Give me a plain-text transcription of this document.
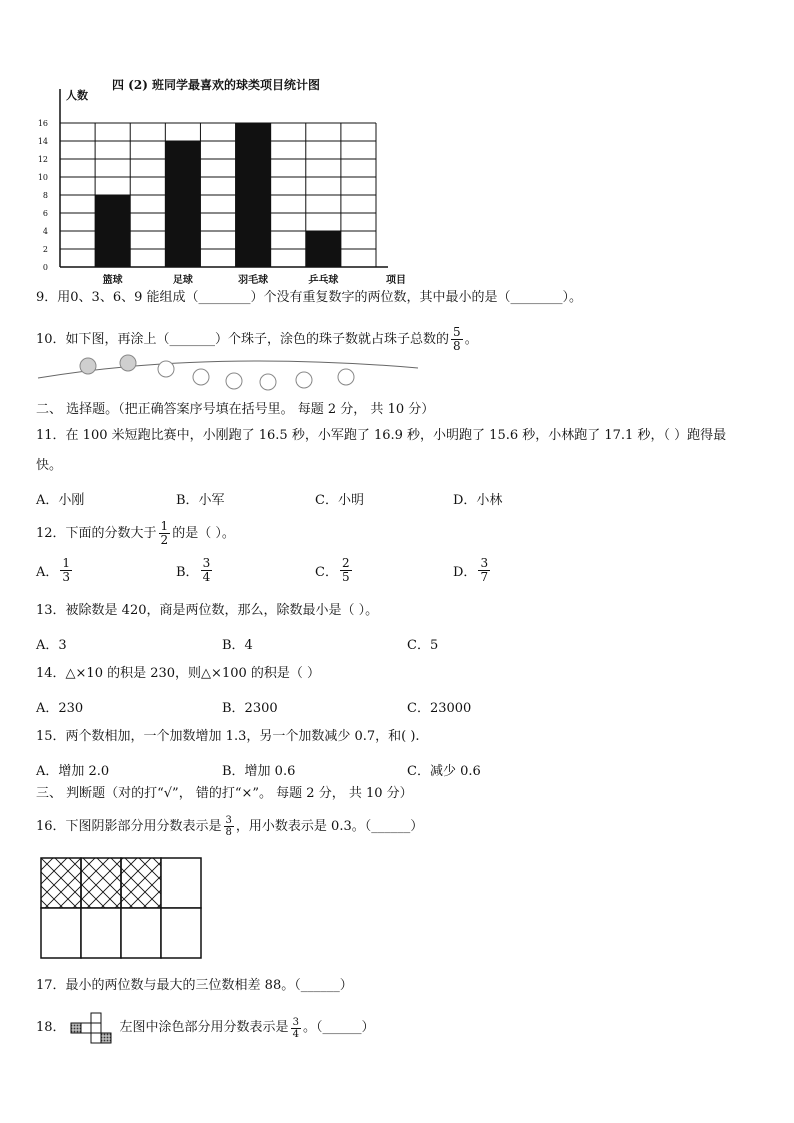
四 (2) 班同学最喜欢的球类项目统计图
0
2
4
6
8
10
12
14
16
人数
项目
篮球	足球	羽毛球	乒乓球
9．用0、3、6、9 能组成（________）个没有重复数字的两位数，其中最小的是（________）。
10．如下图，再涂上（_______）个珠子，涂色的珠子数就占珠子总数的 $\frac{5}{8}$ 。
二、 选择题。（把正确答案序号填在括号里。 每题 2 分， 共 10 分）
11．在 100 米短跑比赛中，小刚跑了 16.5 秒，小军跑了 16.9 秒，小明跑了 15.6 秒，小林跑了 17.1 秒，（ ）跑得最
快。
A．小刚	B．小军	C．小明	D．小林
12．下面的分数大于 $\frac{1}{2}$ 的是（ ）。
A． $\frac{1}{3}$	B． $\frac{3}{4}$	C． $\frac{2}{5}$	D． $\frac{3}{7}$
13．被除数是 420，商是两位数，那么，除数最小是（ ）。
A．3	B．4	C．5
14．△×10 的积是 230，则△×100 的积是（ ）
A．230	B．2300	C．23000
15．两个数相加，一个加数增加 1.3，另一个加数减少 0.7，和( ).
A．增加 2.0	B．增加 0.6	C．减少 0.6
三、 判断题（对的打“√”， 错的打“×”。 每题 2 分， 共 10 分）
16．下图阴影部分用分数表示是 $\frac{3}{8}$ ，用小数表示是 0.3。（______）
17．最小的两位数与最大的三位数相差 88。（______）
18．	左图中涂色部分用分数表示是 $\frac{3}{4}$ 。（______）
